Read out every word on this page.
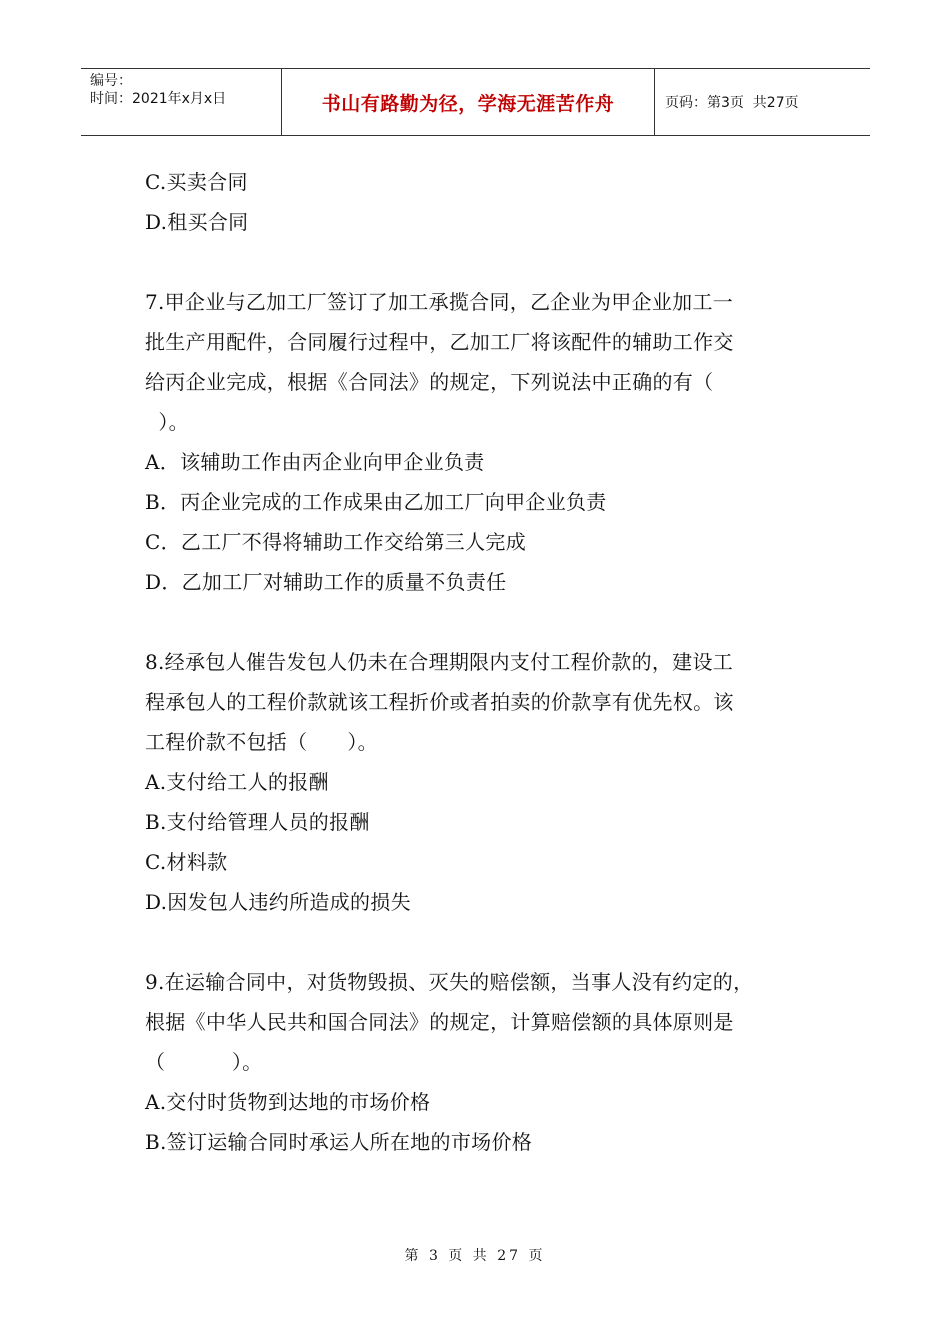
编号：
时间：2021年x月x日	书山有路勤为径，学海无涯苦作舟	页码：第3页  共27页
C.买卖合同
D.租买合同
7.甲企业与乙加工厂签订了加工承揽合同，乙企业为甲企业加工一
批生产用配件，合同履行过程中，乙加工厂将该配件的辅助工作交
给丙企业完成，根据《合同法》的规定，下列说法中正确的有（
）。
A．该辅助工作由丙企业向甲企业负责
B．丙企业完成的工作成果由乙加工厂向甲企业负责
C．乙工厂不得将辅助工作交给第三人完成
D．乙加工厂对辅助工作的质量不负责任
8.经承包人催告发包人仍未在合理期限内支付工程价款的，建设工
程承包人的工程价款就该工程折价或者拍卖的价款享有优先权。该
工程价款不包括（      ）。
A.支付给工人的报酬
B.支付给管理人员的报酬
C.材料款
D.因发包人违约所造成的损失
9.在运输合同中，对货物毁损、灭失的赔偿额，当事人没有约定的，
根据《中华人民共和国合同法》的规定，计算赔偿额的具体原则是
（          ）。
A.交付时货物到达地的市场价格
B.签订运输合同时承运人所在地的市场价格
第 3 页 共 27 页
